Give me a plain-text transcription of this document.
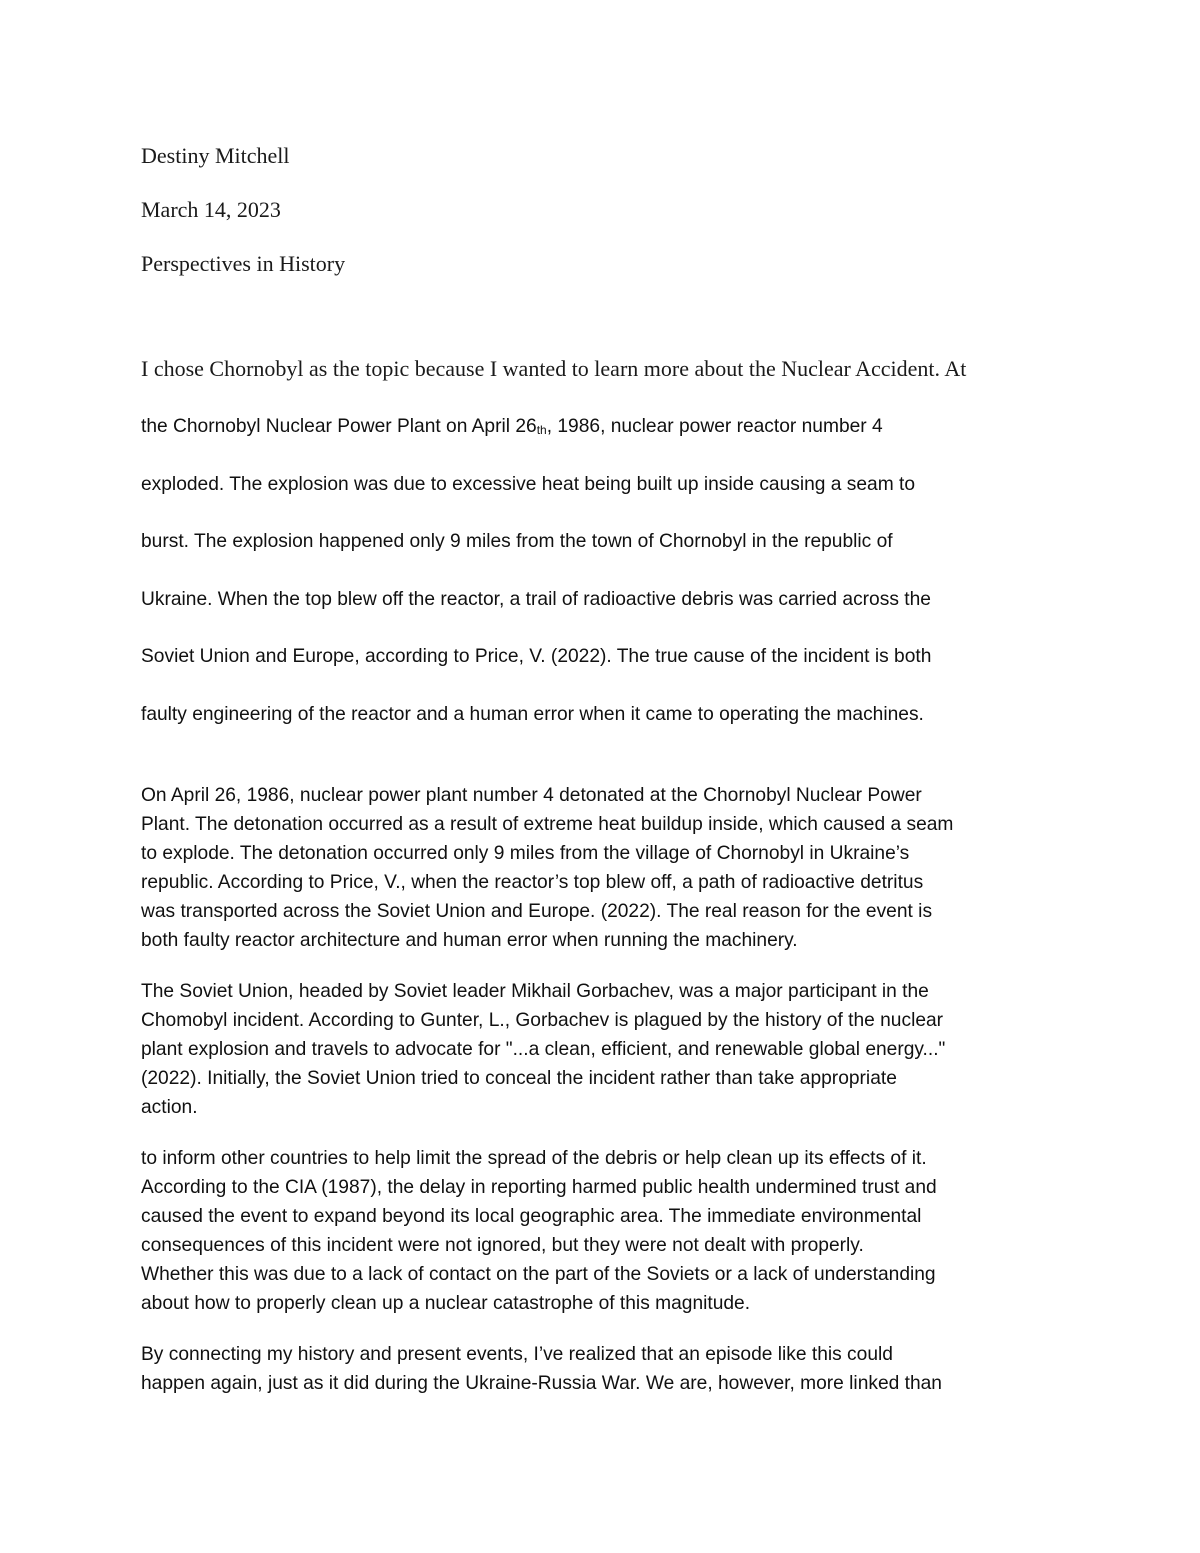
Destiny Mitchell
March 14, 2023
Perspectives in History
I chose Chornobyl as the topic because I wanted to learn more about the Nuclear Accident. At
the Chornobyl Nuclear Power Plant on April $26_{th}$, 1986, nuclear power reactor number 4
exploded. The explosion was due to excessive heat being built up inside causing a seam to
burst. The explosion happened only 9 miles from the town of Chornobyl in the republic of
Ukraine. When the top blew off the reactor, a trail of radioactive debris was carried across the
Soviet Union and Europe, according to Price, V. (2022). The true cause of the incident is both
faulty engineering of the reactor and a human error when it came to operating the machines.

On April 26, 1986, nuclear power plant number 4 detonated at the Chornobyl Nuclear Power

Plant. The detonation occurred as a result of extreme heat buildup inside, which caused a seam

to explode. The detonation occurred only 9 miles from the village of Chornobyl in Ukraine’s

republic. According to Price, V., when the reactor’s top blew off, a path of radioactive detritus

was transported across the Soviet Union and Europe. (2022). The real reason for the event is

both faulty reactor architecture and human error when running the machinery.

The Soviet Union, headed by Soviet leader Mikhail Gorbachev, was a major participant in the

Chomobyl incident. According to Gunter, L., Gorbachev is plagued by the history of the nuclear

plant explosion and travels to advocate for "...a clean, efficient, and renewable global energy..."

(2022). Initially, the Soviet Union tried to conceal the incident rather than take appropriate

action.

to inform other countries to help limit the spread of the debris or help clean up its effects of it.

According to the CIA (1987), the delay in reporting harmed public health undermined trust and

caused the event to expand beyond its local geographic area. The immediate environmental

consequences of this incident were not ignored, but they were not dealt with properly.

Whether this was due to a lack of contact on the part of the Soviets or a lack of understanding

about how to properly clean up a nuclear catastrophe of this magnitude.

By connecting my history and present events, I’ve realized that an episode like this could

happen again, just as it did during the Ukraine-Russia War. We are, however, more linked than
